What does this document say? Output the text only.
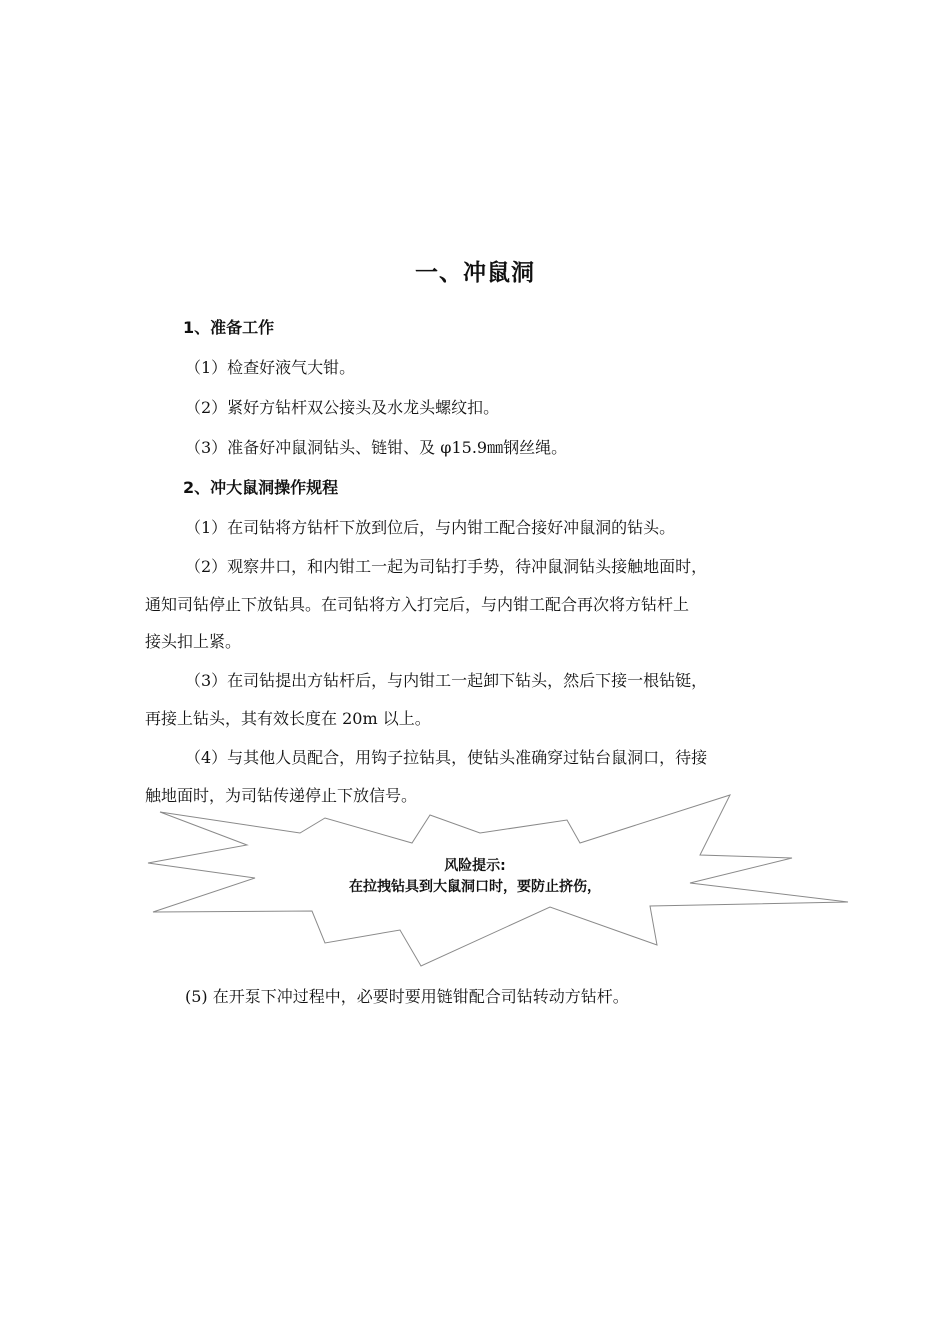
一、冲鼠洞
1、准备工作
（1）检查好液气大钳。
（2）紧好方钻杆双公接头及水龙头螺纹扣。
（3）准备好冲鼠洞钻头、链钳、及 φ15.9㎜钢丝绳。
2、冲大鼠洞操作规程
（1）在司钻将方钻杆下放到位后，与内钳工配合接好冲鼠洞的钻头。
（2）观察井口，和内钳工一起为司钻打手势，待冲鼠洞钻头接触地面时，
通知司钻停止下放钻具。在司钻将方入打完后，与内钳工配合再次将方钻杆上
接头扣上紧。
（3）在司钻提出方钻杆后，与内钳工一起卸下钻头，然后下接一根钻铤，
再接上钻头，其有效长度在 20m 以上。
（4）与其他人员配合，用钩子拉钻具，使钻头准确穿过钻台鼠洞口，待接
触地面时，为司钻传递停止下放信号。
风险提示:
在拉拽钻具到大鼠洞口时，要防止挤伤，
(5) 在开泵下冲过程中，必要时要用链钳配合司钻转动方钻杆。
